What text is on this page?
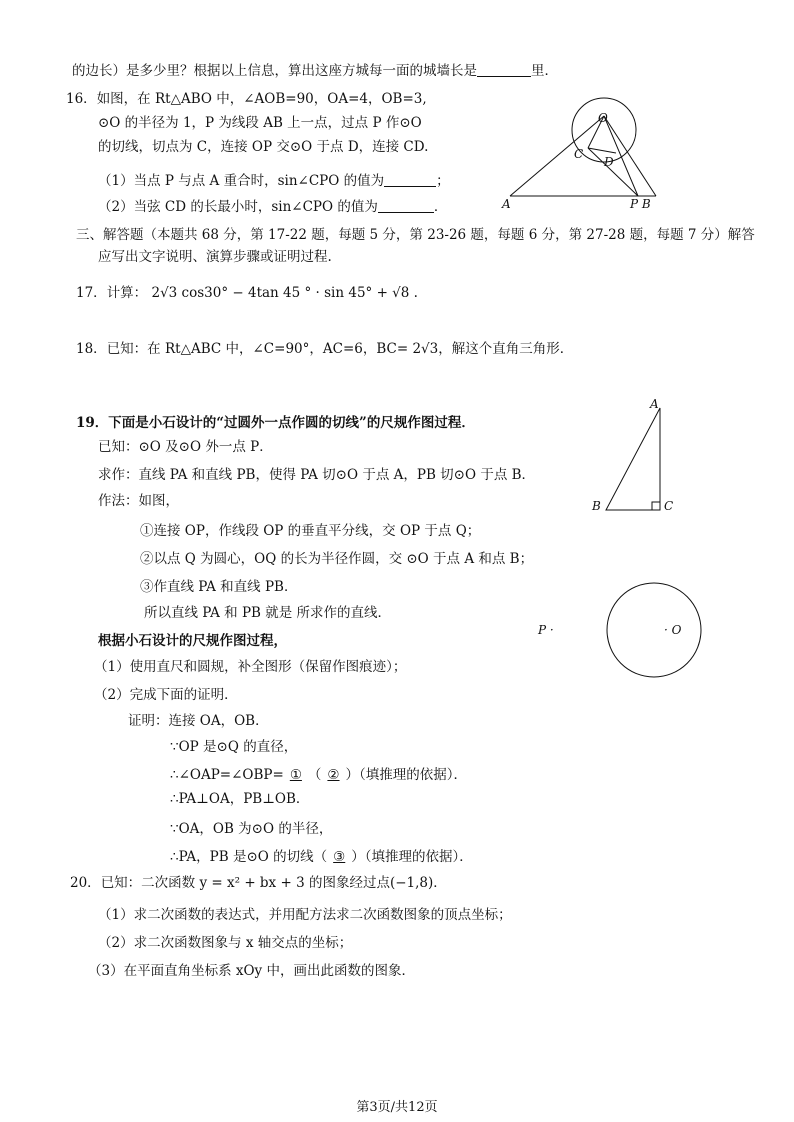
的边长）是多少里？根据以上信息，算出这座方城每一面的城墙长是	里．
16．如图，在 Rt△ABO 中，∠AOB=90，OA=4，OB=3,
⊙O 的半径为 1，P 为线段 AB 上一点，过点 P 作⊙O
的切线，切点为 C，连接 OP 交⊙O 于点 D，连接 CD.
（1）当点 P 与点 A 重合时，sin∠CPO 的值为	；
（2）当弦 CD 的长最小时，sin∠CPO 的值为	．
O
C
D
A	P B
三、解答题（本题共 68 分，第 17-22 题，每题 5 分，第 23-26 题，每题 6 分，第 27-28 题，每题 7 分）解答
应写出文字说明、演算步骤或证明过程.
17．计算： 2√3 cos30° − 4tan 45 ° · sin 45° + √8 .
18．已知：在 Rt△ABC 中，∠C=90°，AC=6，BC= 2√3，解这个直角三角形．
A
B	C
19．下面是小石设计的“过圆外一点作圆的切线”的尺规作图过程．
已知：⊙O 及⊙O 外一点 P．
求作：直线 PA 和直线 PB，使得 PA 切⊙O 于点 A，PB 切⊙O 于点 B．
作法：如图，
①连接 OP，作线段 OP 的垂直平分线，交 OP 于点 Q；
②以点 Q 为圆心，OQ 的长为半径作圆，交 ⊙O 于点 A 和点 B；
③作直线 PA 和直线 PB．
所以直线 PA 和 PB 就是 所求作的直线．
根据小石设计的尺规作图过程，
（1）使用直尺和圆规，补全图形（保留作图痕迹）；
（2）完成下面的证明．
证明：连接 OA，OB．
∵OP 是⊙Q 的直径，
∴∠OAP=∠OBP= ① （ ② ）（填推理的依据）．
∴PA⊥OA，PB⊥OB．
∵OA，OB 为⊙O 的半径，
∴PA，PB 是⊙O 的切线（ ③ ）（填推理的依据）．
P ·	· O
20．已知：二次函数 y = x² + bx + 3 的图象经过点(−1,8)．
（1）求二次函数的表达式，并用配方法求二次函数图象的顶点坐标；
（2）求二次函数图象与 x 轴交点的坐标；
（3）在平面直角坐标系 xOy 中，画出此函数的图象．
第3页/共12页
